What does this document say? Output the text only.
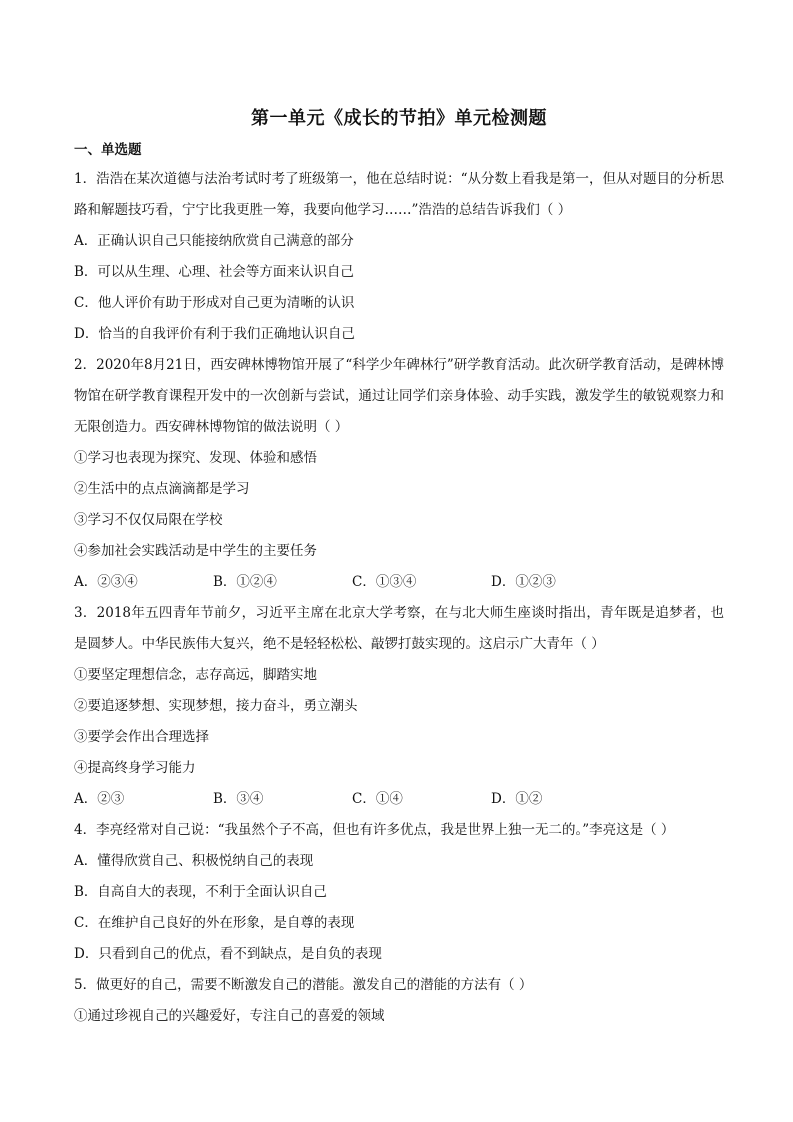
第一单元《成长的节拍》单元检测题
一、单选题
1．浩浩在某次道德与法治考试时考了班级第一，他在总结时说：“从分数上看我是第一，但从对题目的分析思路和解题技巧看，宁宁比我更胜一筹，我要向他学习……”浩浩的总结告诉我们（ ）
A．正确认识自己只能接纳欣赏自己满意的部分
B．可以从生理、心理、社会等方面来认识自己
C．他人评价有助于形成对自己更为清晰的认识
D．恰当的自我评价有利于我们正确地认识自己
2．2020年8月21日，西安碑林博物馆开展了“科学少年碑林行”研学教育活动。此次研学教育活动，是碑林博物馆在研学教育课程开发中的一次创新与尝试，通过让同学们亲身体验、动手实践，激发学生的敏锐观察力和无限创造力。西安碑林博物馆的做法说明（ ）
①学习也表现为探究、发现、体验和感悟
②生活中的点点滴滴都是学习
③学习不仅仅局限在学校
④参加社会实践活动是中学生的主要任务
A．②③④	B．①②④	C．①③④	D．①②③
3．2018年五四青年节前夕，习近平主席在北京大学考察，在与北大师生座谈时指出，青年既是追梦者，也是圆梦人。中华民族伟大复兴，绝不是轻轻松松、敲锣打鼓实现的。这启示广大青年（ ）
①要坚定理想信念，志存高远，脚踏实地
②要追逐梦想、实现梦想，接力奋斗，勇立潮头
③要学会作出合理选择
④提高终身学习能力
A．②③	B．③④	C．①④	D．①②
4．李亮经常对自己说：“我虽然个子不高，但也有许多优点，我是世界上独一无二的。”李亮这是（ ）
A．懂得欣赏自己、积极悦纳自己的表现
B．自高自大的表现，不利于全面认识自己
C．在维护自己良好的外在形象，是自尊的表现
D．只看到自己的优点，看不到缺点，是自负的表现
5．做更好的自己，需要不断激发自己的潜能。激发自己的潜能的方法有（ ）
①通过珍视自己的兴趣爱好，专注自己的喜爱的领域
